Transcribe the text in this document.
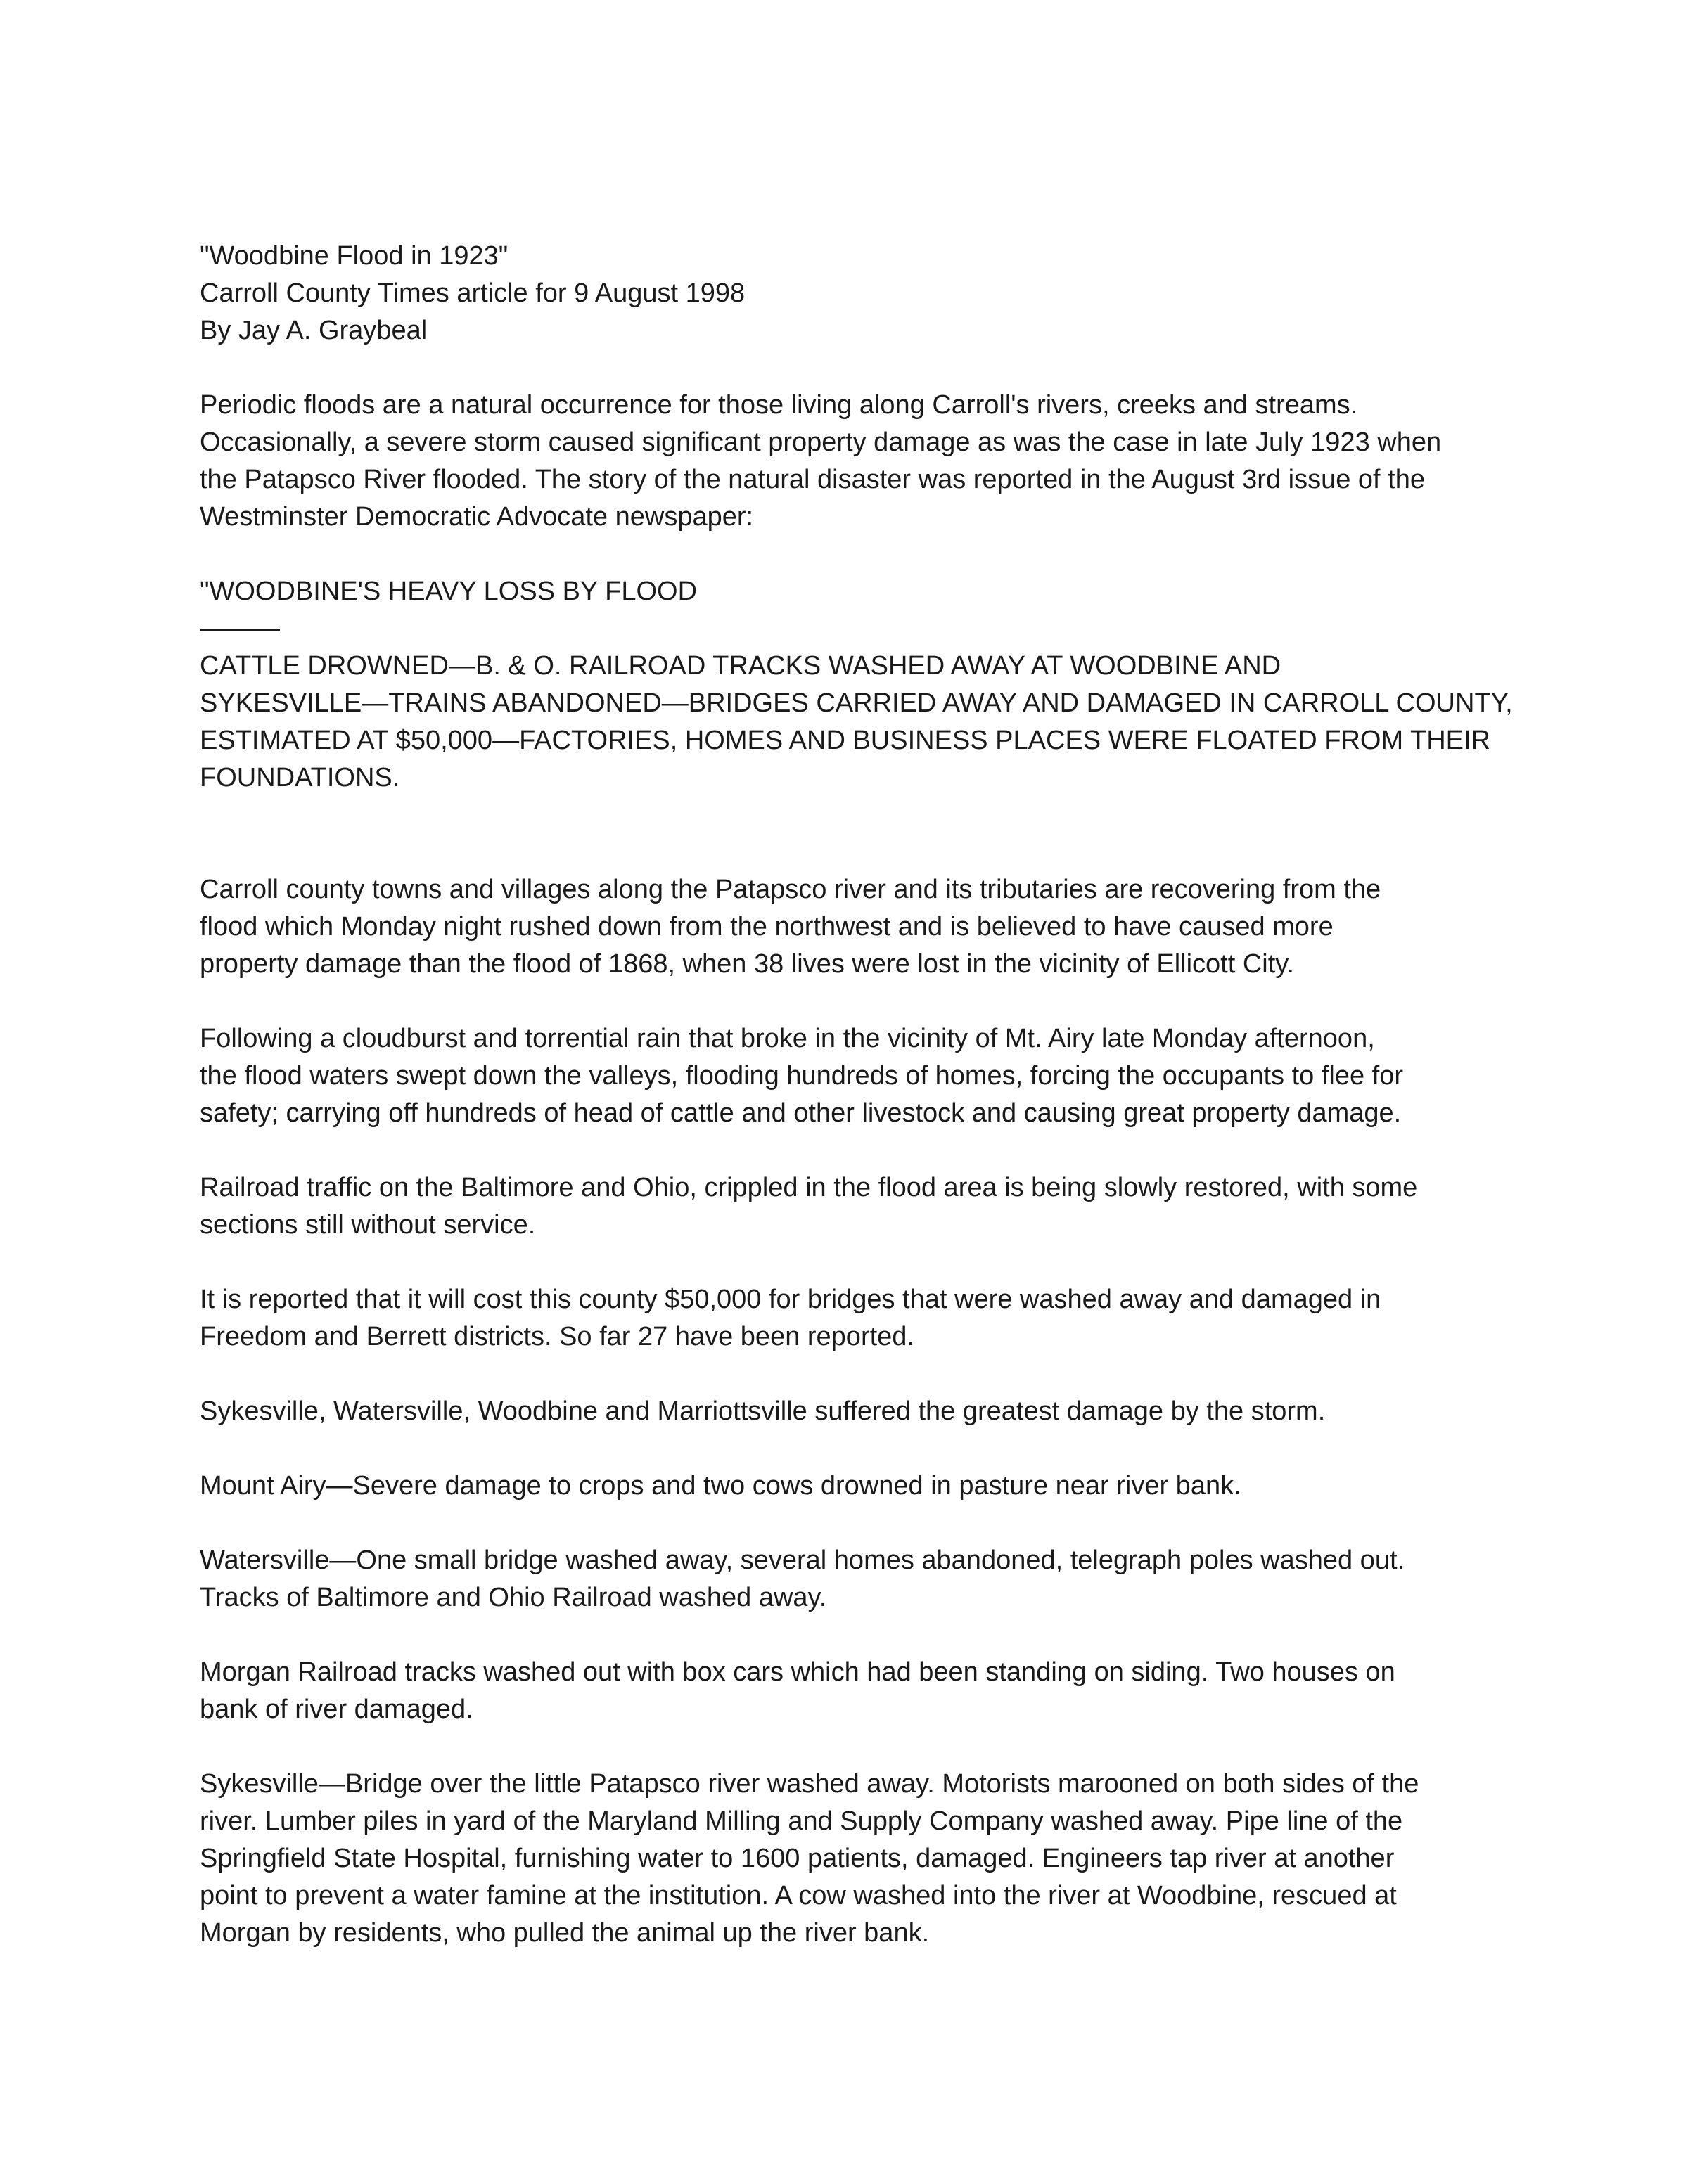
"Woodbine Flood in 1923"
Carroll County Times article for 9 August 1998
By Jay A. Graybeal

Periodic floods are a natural occurrence for those living along Carroll's rivers, creeks and streams.
Occasionally, a severe storm caused significant property damage as was the case in late July 1923 when
the Patapsco River flooded. The story of the natural disaster was reported in the August 3rd issue of the
Westminster Democratic Advocate newspaper:

"WOODBINE'S HEAVY LOSS BY FLOOD
———
CATTLE DROWNED—B. & O. RAILROAD TRACKS WASHED AWAY AT WOODBINE AND
SYKESVILLE—TRAINS ABANDONED—BRIDGES CARRIED AWAY AND DAMAGED IN CARROLL COUNTY,
ESTIMATED AT $50,000—FACTORIES, HOMES AND BUSINESS PLACES WERE FLOATED FROM THEIR
FOUNDATIONS.

Carroll county towns and villages along the Patapsco river and its tributaries are recovering from the
flood which Monday night rushed down from the northwest and is believed to have caused more
property damage than the flood of 1868, when 38 lives were lost in the vicinity of Ellicott City.

Following a cloudburst and torrential rain that broke in the vicinity of Mt. Airy late Monday afternoon,
the flood waters swept down the valleys, flooding hundreds of homes, forcing the occupants to flee for
safety; carrying off hundreds of head of cattle and other livestock and causing great property damage.

Railroad traffic on the Baltimore and Ohio, crippled in the flood area is being slowly restored, with some
sections still without service.

It is reported that it will cost this county $50,000 for bridges that were washed away and damaged in
Freedom and Berrett districts. So far 27 have been reported.

Sykesville, Watersville, Woodbine and Marriottsville suffered the greatest damage by the storm.

Mount Airy—Severe damage to crops and two cows drowned in pasture near river bank.

Watersville—One small bridge washed away, several homes abandoned, telegraph poles washed out.
Tracks of Baltimore and Ohio Railroad washed away.

Morgan Railroad tracks washed out with box cars which had been standing on siding. Two houses on
bank of river damaged.

Sykesville—Bridge over the little Patapsco river washed away. Motorists marooned on both sides of the
river. Lumber piles in yard of the Maryland Milling and Supply Company washed away. Pipe line of the
Springfield State Hospital, furnishing water to 1600 patients, damaged. Engineers tap river at another
point to prevent a water famine at the institution. A cow washed into the river at Woodbine, rescued at
Morgan by residents, who pulled the animal up the river bank.
